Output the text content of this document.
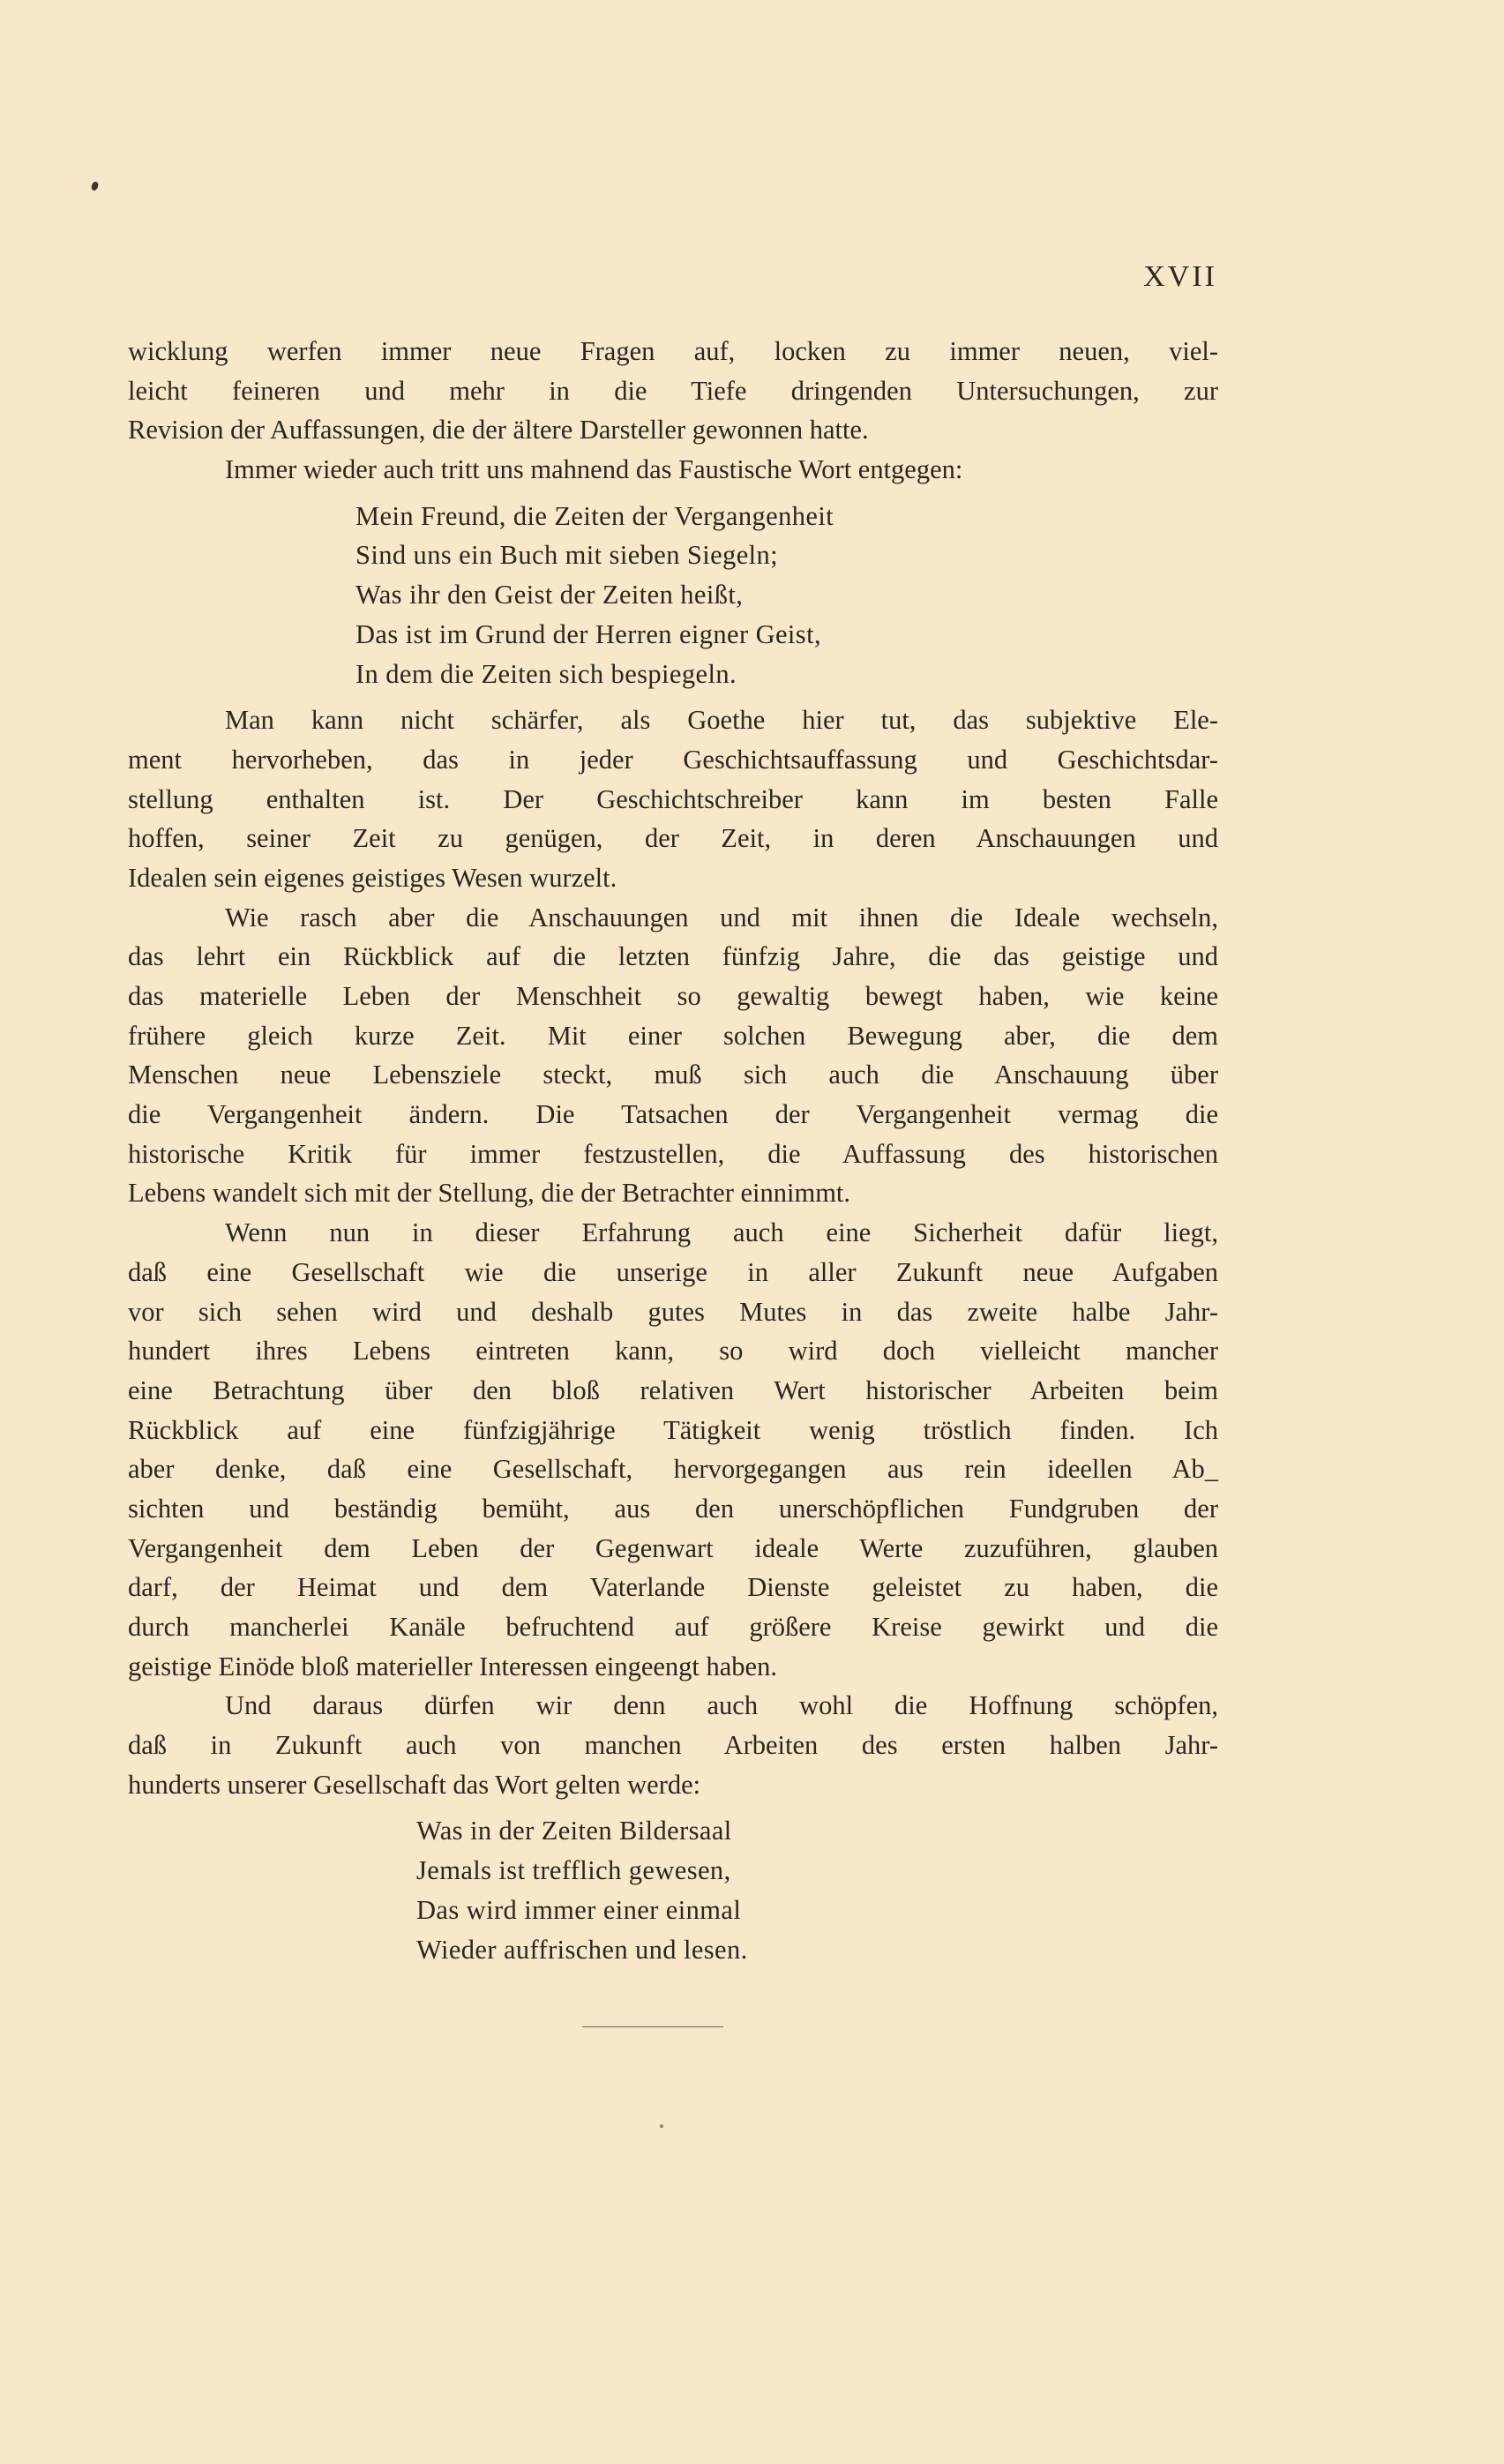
XVII
wicklung werfen immer neue Fragen auf, locken zu immer neuen, viel-
leicht feineren und mehr in die Tiefe dringenden Untersuchungen, zur
Revision der Auffassungen, die der ältere Darsteller gewonnen hatte.
Immer wieder auch tritt uns mahnend das Faustische Wort entgegen:
Mein Freund, die Zeiten der Vergangenheit
Sind uns ein Buch mit sieben Siegeln;
Was ihr den Geist der Zeiten heißt,
Das ist im Grund der Herren eigner Geist,
In dem die Zeiten sich bespiegeln.
Man kann nicht schärfer, als Goethe hier tut, das subjektive Ele-
ment hervorheben, das in jeder Geschichtsauffassung und Geschichtsdar-
stellung enthalten ist. Der Geschichtschreiber kann im besten Falle
hoffen, seiner Zeit zu genügen, der Zeit, in deren Anschauungen und
Idealen sein eigenes geistiges Wesen wurzelt.
Wie rasch aber die Anschauungen und mit ihnen die Ideale wechseln,
das lehrt ein Rückblick auf die letzten fünfzig Jahre, die das geistige und
das materielle Leben der Menschheit so gewaltig bewegt haben, wie keine
frühere gleich kurze Zeit. Mit einer solchen Bewegung aber, die dem
Menschen neue Lebensziele steckt, muß sich auch die Anschauung über
die Vergangenheit ändern. Die Tatsachen der Vergangenheit vermag die
historische Kritik für immer festzustellen, die Auffassung des historischen
Lebens wandelt sich mit der Stellung, die der Betrachter einnimmt.
Wenn nun in dieser Erfahrung auch eine Sicherheit dafür liegt,
daß eine Gesellschaft wie die unserige in aller Zukunft neue Aufgaben
vor sich sehen wird und deshalb gutes Mutes in das zweite halbe Jahr-
hundert ihres Lebens eintreten kann, so wird doch vielleicht mancher
eine Betrachtung über den bloß relativen Wert historischer Arbeiten beim
Rückblick auf eine fünfzigjährige Tätigkeit wenig tröstlich finden. Ich
aber denke, daß eine Gesellschaft, hervorgegangen aus rein ideellen Ab_
sichten und beständig bemüht, aus den unerschöpflichen Fundgruben der
Vergangenheit dem Leben der Gegenwart ideale Werte zuzuführen, glauben
darf, der Heimat und dem Vaterlande Dienste geleistet zu haben, die
durch mancherlei Kanäle befruchtend auf größere Kreise gewirkt und die
geistige Einöde bloß materieller Interessen eingeengt haben.
Und daraus dürfen wir denn auch wohl die Hoffnung schöpfen,
daß in Zukunft auch von manchen Arbeiten des ersten halben Jahr-
hunderts unserer Gesellschaft das Wort gelten werde:
Was in der Zeiten Bildersaal
Jemals ist trefflich gewesen,
Das wird immer einer einmal
Wieder auffrischen und lesen.
